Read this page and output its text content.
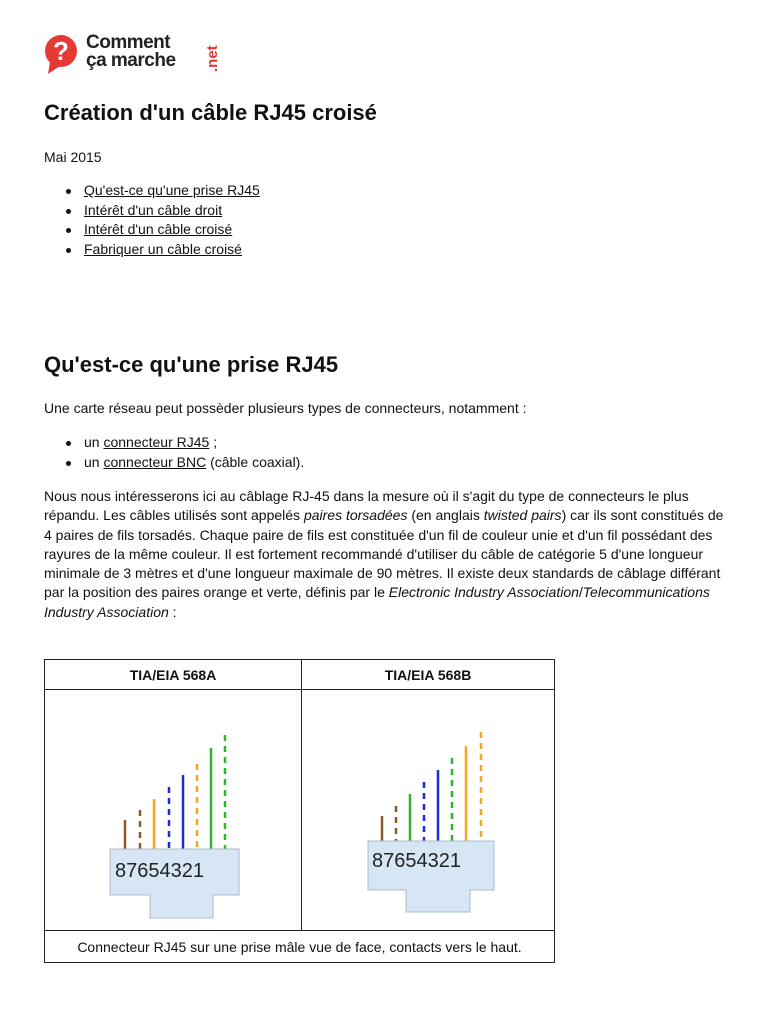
? Comment
ça marche .net
Création d'un câble RJ45 croisé
Mai 2015
Qu'est-ce qu'une prise RJ45
Intérêt d'un câble droit
Intérêt d'un câble croisé
Fabriquer un câble croisé
Qu'est-ce qu'une prise RJ45
Une carte réseau peut possèder plusieurs types de connecteurs, notamment :
un connecteur RJ45 ;
un connecteur BNC (câble coaxial).
Nous nous intéresserons ici au câblage RJ-45 dans la mesure où il s'agit du type de connecteurs le plus répandu. Les câbles utilisés sont appelés paires torsadées (en anglais twisted pairs) car ils sont constitués de 4 paires de fils torsadés. Chaque paire de fils est constituée d'un fil de couleur unie et d'un fil possédant des rayures de la même couleur. Il est fortement recommandé d'utiliser du câble de catégorie 5 d'une longueur minimale de 3 mètres et d'une longueur maximale de 90 mètres. Il existe deux standards de câblage différant par la position des paires orange et verte, définis par le Electronic Industry Association/Telecommunications Industry Association :
TIA/EIA 568A	TIA/EIA 568B

87654321	87654321

Connecteur RJ45 sur une prise mâle vue de face, contacts vers le haut.	
